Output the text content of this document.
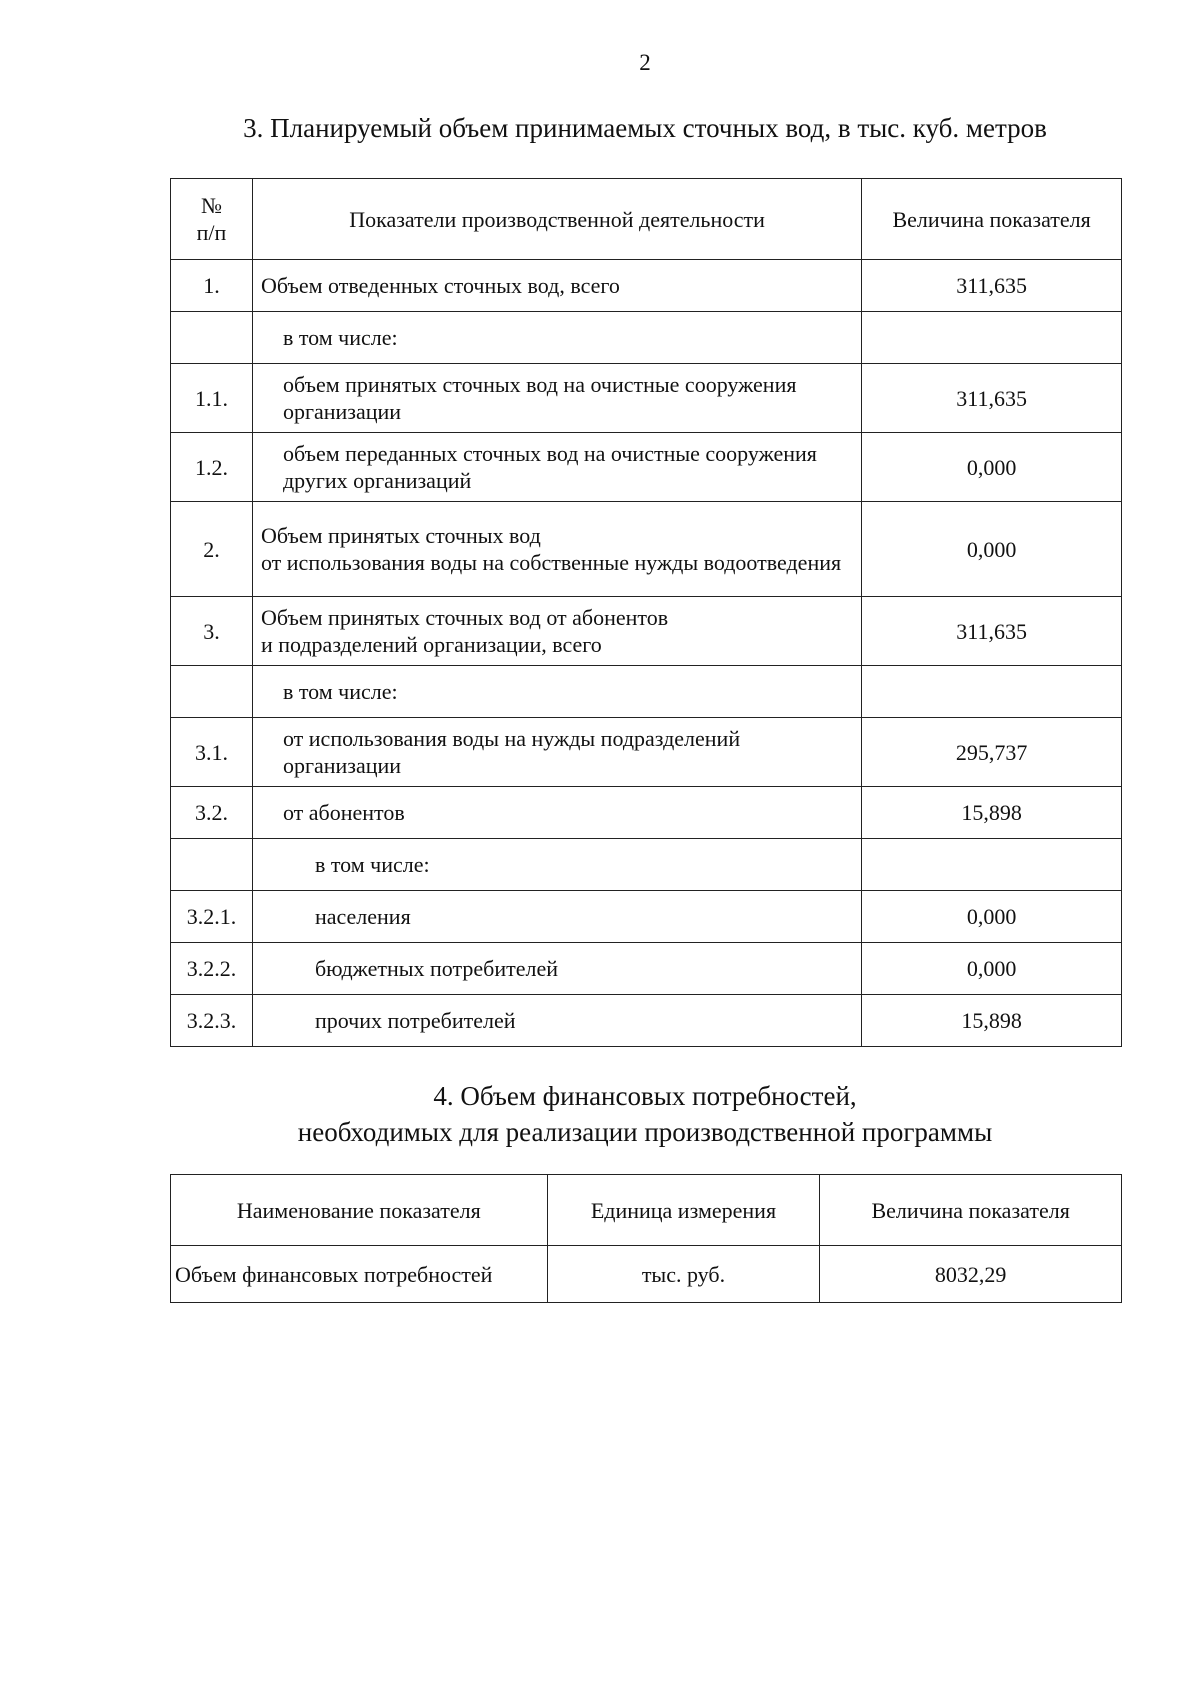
2
3. Планируемый объем принимаемых сточных вод, в тыс. куб. метров
№
п/п	Показатели производственной деятельности	Величина показателя
1.	Объем отведенных сточных вод, всего	311,635
	в том числе:	
1.1.	объем принятых сточных вод на очистные сооружения организации	311,635
1.2.	объем переданных сточных вод на очистные сооружения других организаций	0,000
2.	Объем принятых сточных вод
от использования воды на собственные нужды водоотведения	0,000
3.	Объем принятых сточных вод от абонентов
и подразделений организации, всего	311,635
	в том числе:	
3.1.	от использования воды на нужды подразделений организации	295,737
3.2.	от абонентов	15,898
	в том числе:	
3.2.1.	населения	0,000
3.2.2.	бюджетных потребителей	0,000
3.2.3.	прочих потребителей	15,898
4. Объем финансовых потребностей,
необходимых для реализации производственной программы
Наименование показателя	Единица измерения	Величина показателя
Объем финансовых потребностей	тыс. руб.	8032,29
